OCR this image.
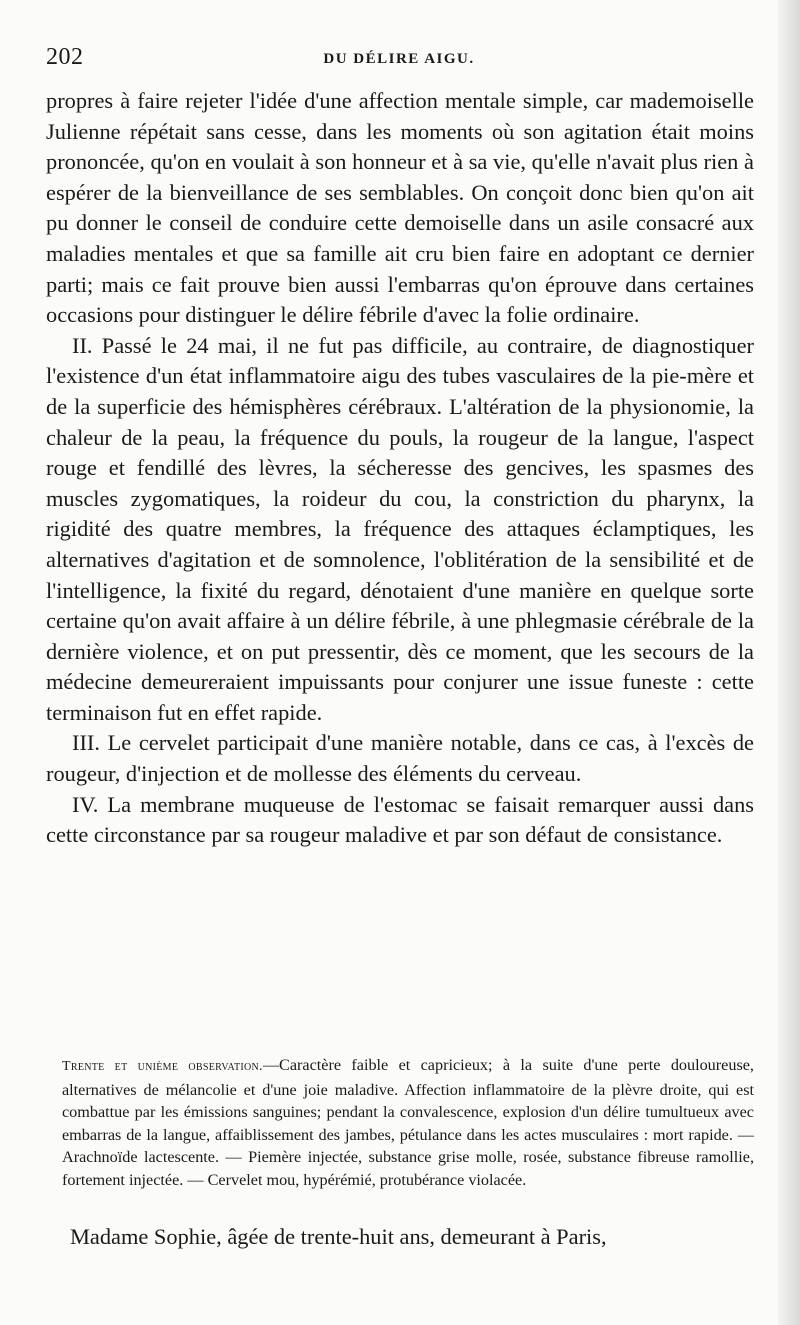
202	DU DÉLIRE AIGU.

propres à faire rejeter l'idée d'une affection mentale simple, car mademoiselle Julienne répétait sans cesse, dans les moments où son agitation était moins prononcée, qu'on en voulait à son honneur et à sa vie, qu'elle n'avait plus rien à espérer de la bienveillance de ses semblables. On conçoit donc bien qu'on ait pu donner le conseil de conduire cette demoiselle dans un asile consacré aux maladies mentales et que sa famille ait cru bien faire en adoptant ce dernier parti; mais ce fait prouve bien aussi l'embarras qu'on éprouve dans certaines occasions pour distinguer le délire fébrile d'avec la folie ordinaire.

II. Passé le 24 mai, il ne fut pas difficile, au contraire, de diagnostiquer l'existence d'un état inflammatoire aigu des tubes vasculaires de la pie-mère et de la superficie des hémisphères cérébraux. L'altération de la physionomie, la chaleur de la peau, la fréquence du pouls, la rougeur de la langue, l'aspect rouge et fendillé des lèvres, la sécheresse des gencives, les spasmes des muscles zygomatiques, la roideur du cou, la constriction du pharynx, la rigidité des quatre membres, la fréquence des attaques éclamptiques, les alternatives d'agitation et de somnolence, l'oblitération de la sensibilité et de l'intelligence, la fixité du regard, dénotaient d'une manière en quelque sorte certaine qu'on avait affaire à un délire fébrile, à une phlegmasie cérébrale de la dernière violence, et on put pressentir, dès ce moment, que les secours de la médecine demeureraient impuissants pour conjurer une issue funeste : cette terminaison fut en effet rapide.

III. Le cervelet participait d'une manière notable, dans ce cas, à l'excès de rougeur, d'injection et de mollesse des éléments du cerveau.

IV. La membrane muqueuse de l'estomac se faisait remarquer aussi dans cette circonstance par sa rougeur maladive et par son défaut de consistance.

Trente et unième observation.—Caractère faible et capricieux; à la suite d'une perte douloureuse, alternatives de mélancolie et d'une joie maladive. Affection inflammatoire de la plèvre droite, qui est combattue par les émissions sanguines; pendant la convalescence, explosion d'un délire tumultueux avec embarras de la langue, affaiblissement des jambes, pétulance dans les actes musculaires : mort rapide. — Arachnoïde lactescente. — Piemère injectée, substance grise molle, rosée, substance fibreuse ramollie, fortement injectée. — Cervelet mou, hypérémié, protubérance violacée.

Madame Sophie, âgée de trente-huit ans, demeurant à Paris,
